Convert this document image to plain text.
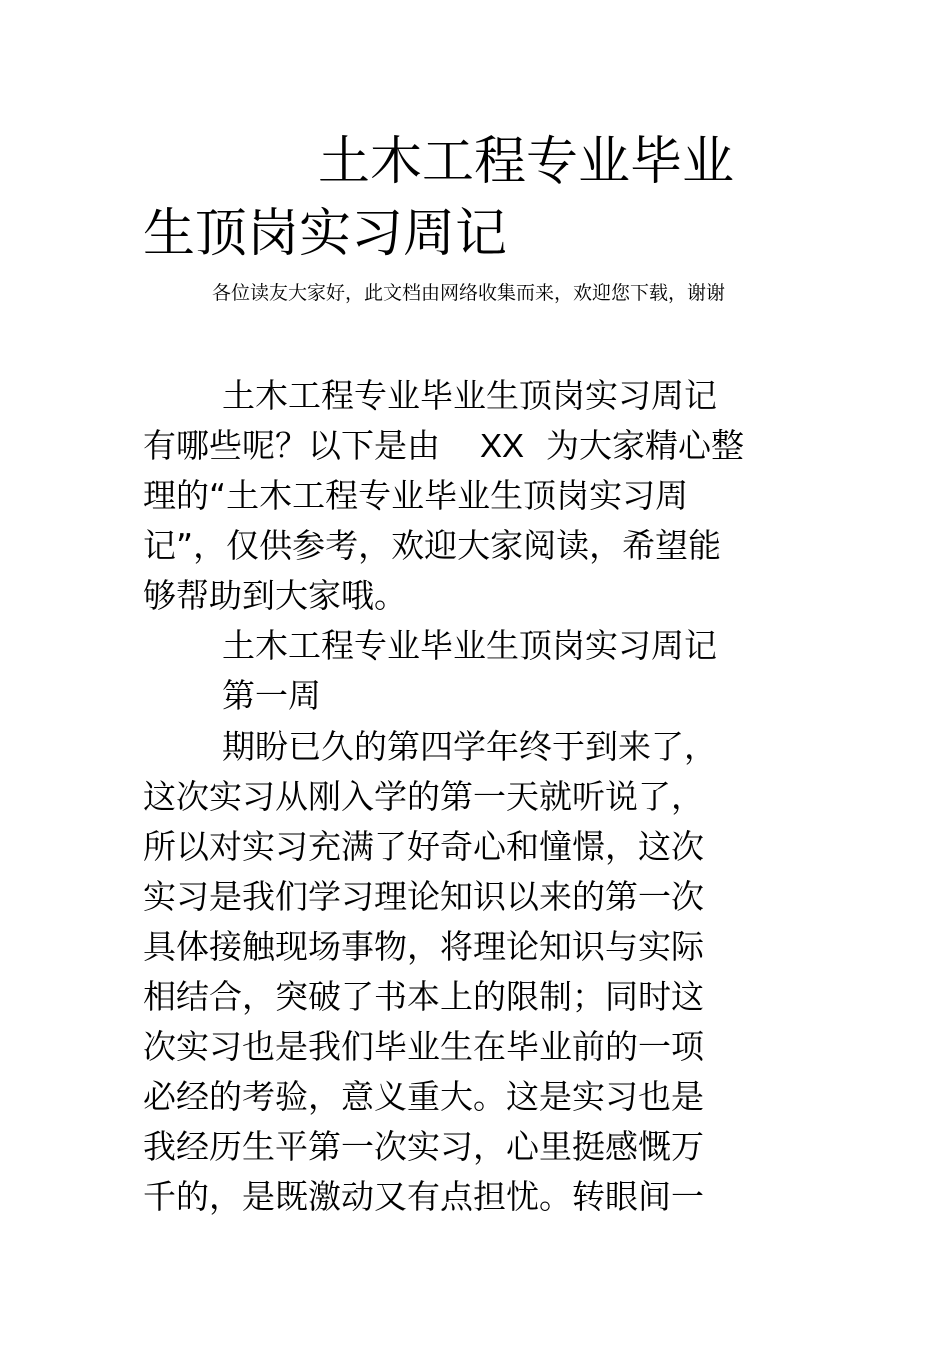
土木工程专业毕业
生顶岗实习周记
各位读友大家好，此文档由网络收集而来，欢迎您下载，谢谢
土木工程专业毕业生顶岗实习周记
有哪些呢？以下是由 XX 为大家精心整
理的“土木工程专业毕业生顶岗实习周
记”，仅供参考，欢迎大家阅读，希望能
够帮助到大家哦。
土木工程专业毕业生顶岗实习周记
第一周
期盼已久的第四学年终于到来了，
这次实习从刚入学的第一天就听说了，
所以对实习充满了好奇心和憧憬，这次
实习是我们学习理论知识以来的第一次
具体接触现场事物，将理论知识与实际
相结合，突破了书本上的限制；同时这
次实习也是我们毕业生在毕业前的一项
必经的考验，意义重大。这是实习也是
我经历生平第一次实习，心里挺感慨万
千的，是既激动又有点担忧。转眼间一
